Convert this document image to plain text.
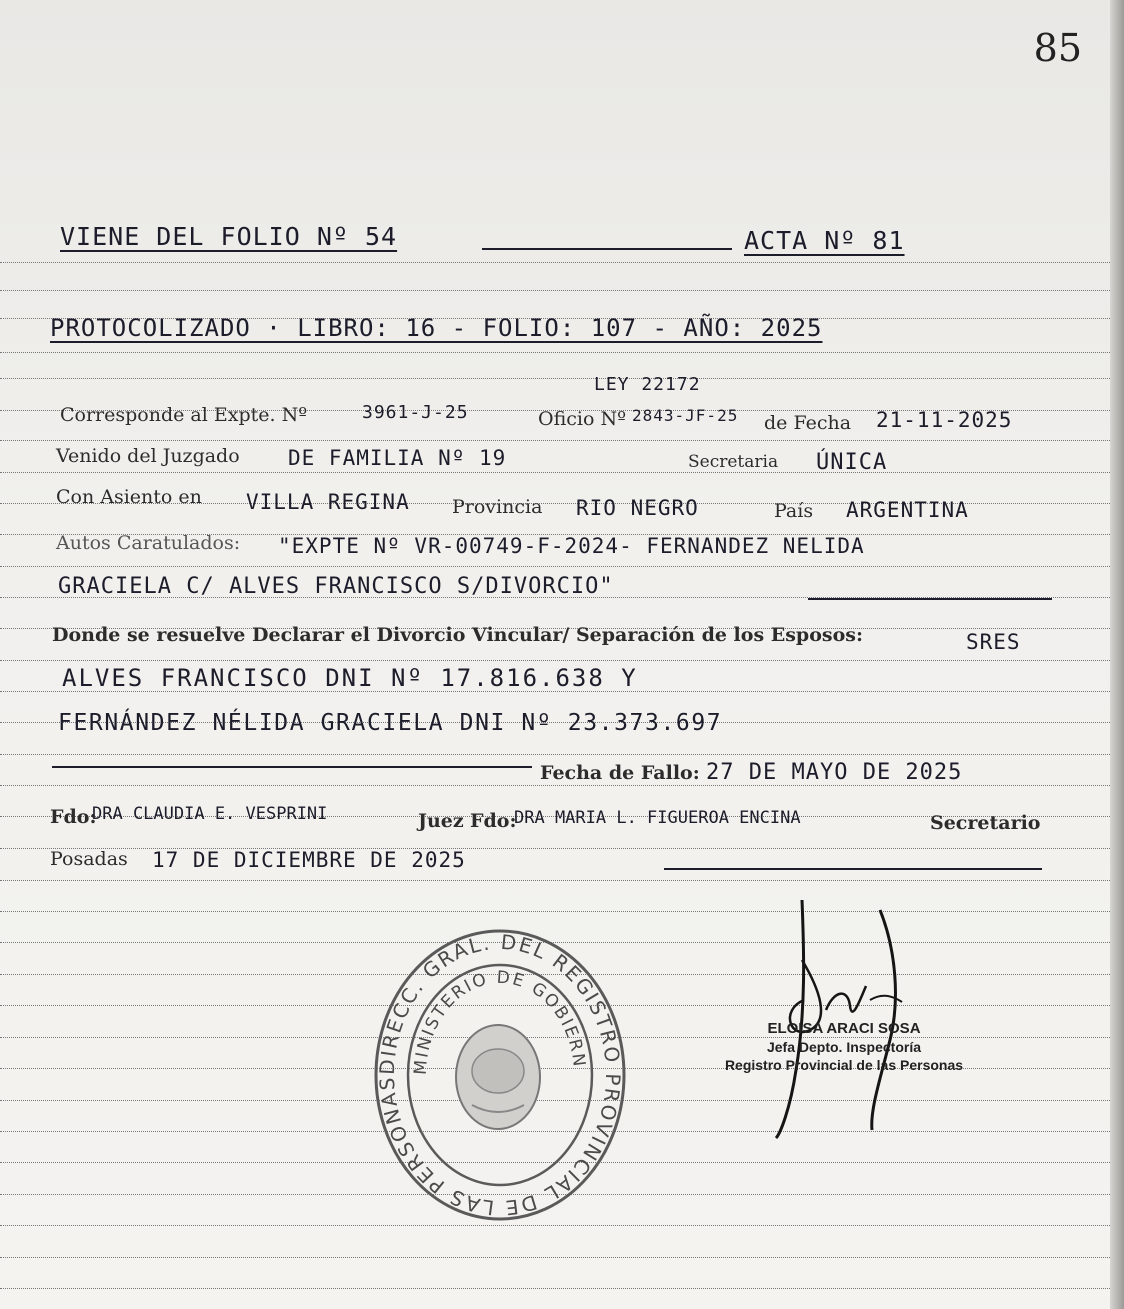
85
VIENE DEL FOLIO Nº 54	ACTA Nº 81
PROTOCOLIZADO · LIBRO: 16 - FOLIO: 107 - AÑO: 2025
LEY 22172
Corresponde al Expte. Nº	3961-J-25	Oficio Nº 2843-JF-25 de Fecha 21-11-2025
Venido del Juzgado DE FAMILIA Nº 19	Secretaria ÚNICA
Con Asiento en VILLA REGINA Provincia RIO NEGRO	País ARGENTINA
Autos Caratulados: "EXPTE Nº VR-00749-F-2024- FERNANDEZ NELIDA
GRACIELA C/ ALVES FRANCISCO S/DIVORCIO"
Donde se resuelve Declarar el Divorcio Vincular/ Separación de los Esposos:	SRES
ALVES FRANCISCO DNI Nº 17.816.638 Y
FERNÁNDEZ NÉLIDA GRACIELA DNI Nº 23.373.697
Fecha de Fallo: 27 DE MAYO DE 2025
Fdo:
DRA CLAUDIA E. VESPRINI	Juez Fdo:
DRA MARIA L. FIGUEROA ENCINA	Secretario
Posadas 17 DE DICIEMBRE DE 2025
DIRECC. GRAL. DEL REGISTRO PROVINCIAL DE LAS PERSONAS
MINISTERIO DE GOBIERN
ELOISA ARACI SOSA
Jefa Depto. Inspectoría
Registro Provincial de las Personas
